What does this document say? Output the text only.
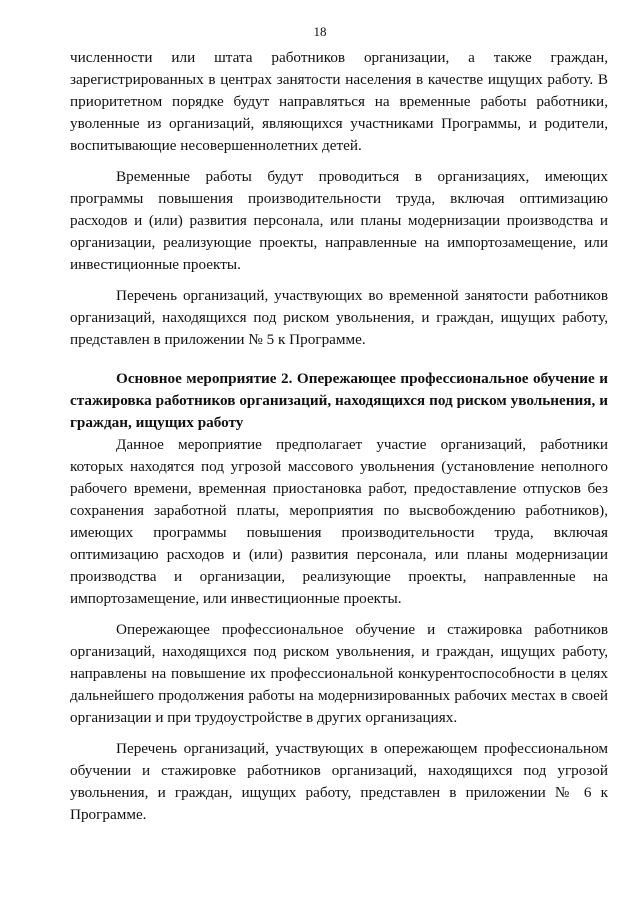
18

численности или штата работников организации, а также граждан, зарегистрированных в центрах занятости населения в качестве ищущих работу. В приоритетном порядке будут направляться на временные работы работники, уволенные из организаций, являющихся участниками Программы, и родители, воспитывающие несовершеннолетних детей.

Временные работы будут проводиться в организациях, имеющих программы повышения производительности труда, включая оптимизацию расходов и (или) развития персонала, или планы модернизации производства и организации, реализующие проекты, направленные на импортозамещение, или инвестиционные проекты.

Перечень организаций, участвующих во временной занятости работников организаций, находящихся под риском увольнения, и граждан, ищущих работу, представлен в приложении № 5 к Программе.

Основное мероприятие 2. Опережающее профессиональное обучение и стажировка работников организаций, находящихся под риском увольнения, и граждан, ищущих работу

Данное мероприятие предполагает участие организаций, работники которых находятся под угрозой массового увольнения (установление неполного рабочего времени, временная приостановка работ, предоставление отпусков без сохранения заработной платы, мероприятия по высвобождению работников), имеющих программы повышения производительности труда, включая оптимизацию расходов и (или) развития персонала, или планы модернизации производства и организации, реализующие проекты, направленные на импортозамещение, или инвестиционные проекты.

Опережающее профессиональное обучение и стажировка работников организаций, находящихся под риском увольнения, и граждан, ищущих работу, направлены на повышение их профессиональной конкурентоспособности в целях дальнейшего продолжения работы на модернизированных рабочих местах в своей организации и при трудоустройстве в других организациях.

Перечень организаций, участвующих в опережающем профессиональном обучении и стажировке работников организаций, находящихся под угрозой увольнения, и граждан, ищущих работу, представлен в приложении № 6 к Программе.
